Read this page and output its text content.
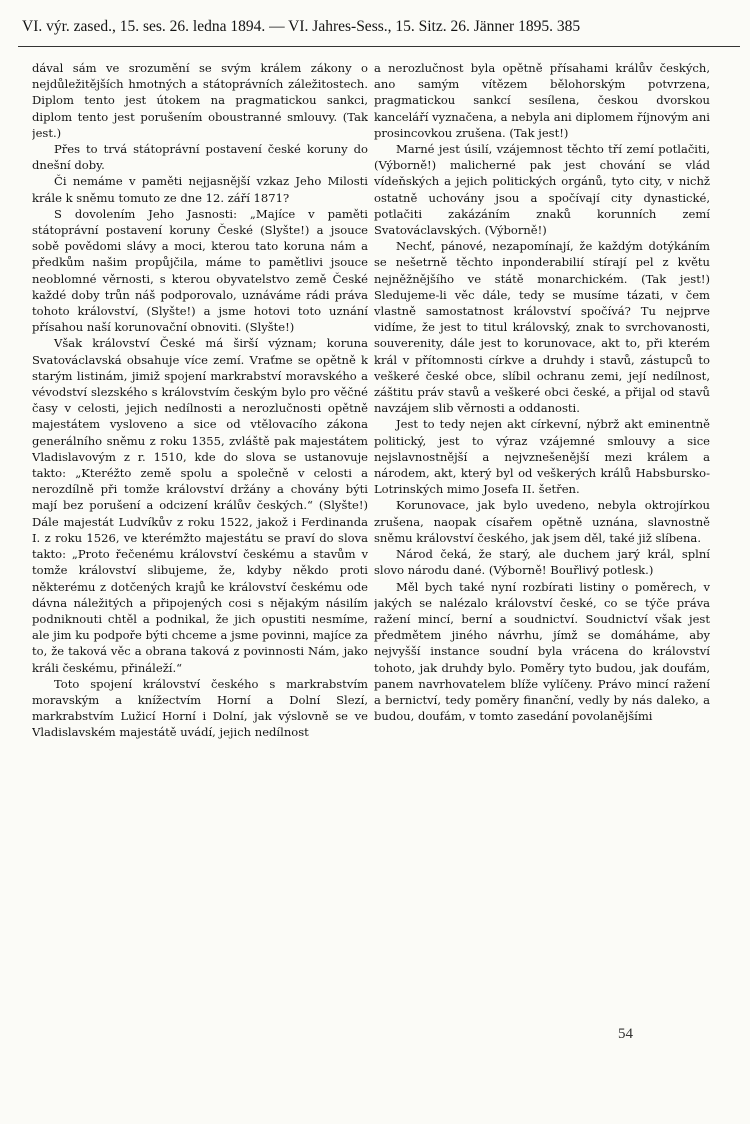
VI. výr. zased., 15. ses. 26. ledna 1894. — VI. Jahres-Sess., 15. Sitz. 26. Jänner 1895. 385

dával sám ve srozumění se svým králem zákony o nejdůležitějších hmotných a státoprávních záležitostech. Diplom tento jest útokem na pragmatickou sankci, diplom tento jest porušením oboustranné smlouvy. (Tak jest.)

Přes to trvá státoprávní postavení české koruny do dnešní doby.

Či nemáme v paměti nejjasnější vzkaz Jeho Milosti krále k sněmu tomuto ze dne 12. září 1871?

S dovolením Jeho Jasnosti: „Majíce v paměti státoprávní postavení koruny České (Slyšte!) a jsouce sobě povědomi slávy a moci, kterou tato koruna nám a předkům našim propůjčila, máme to pamětlivi jsouce neoblomné věrnosti, s kterou obyvatelstvo země České každé doby trůn náš podporovalo, uznáváme rádi práva tohoto království, (Slyšte!) a jsme hotovi toto uznání přísahou naší korunovační obnoviti. (Slyšte!)

Však království České má širší význam; koruna Svatováclavská obsahuje více zemí. Vraťme se opětně k starým listinám, jimiž spojení markrabství moravského a vévodství slezského s královstvím českým bylo pro věčné časy v celosti, jejich nedílnosti a nerozlučnosti opětně majestátem vysloveno a sice od vtělovacího zákona generálního sněmu z roku 1355, zvláště pak majestátem Vladislavovým z r. 1510, kde do slova se ustanovuje takto: „Kteréžto země spolu a společně v celosti a nerozdílně při tomže království držány a chovány býti mají bez porušení a odcizení králův českých.“ (Slyšte!) Dále majestát Ludvíkův z roku 1522, jakož i Ferdinanda I. z roku 1526, ve kterémžto majestátu se praví do slova takto: „Proto řečenému království českému a stavům v tomže království slibujeme, že, kdyby někdo proti některému z dotčených krajů ke království českému ode dávna náležitých a připojených cosi s nějakým násilím podniknouti chtěl a podnikal, že jich opustiti nesmíme, ale jim ku podpoře býti chceme a jsme povinni, majíce za to, že taková věc a obrana taková z povinnosti Nám, jako králi českému, přináleží.“

Toto spojení království českého s markrabstvím moravským a knížectvím Horní a Dolní Slezí, markrabstvím Lužicí Horní i Dolní, jak výslovně se ve Vladislavském majestátě uvádí, jejich nedílnost

a nerozlučnost byla opětně přísahami králův českých, ano samým vítězem bělohorským potvrzena, pragmatickou sankcí sesílena, českou dvorskou kanceláří vyznačena, a nebyla ani diplomem říjnovým ani prosincovkou zrušena. (Tak jest!)

Marné jest úsilí, vzájemnost těchto tří zemí potlačiti, (Výborně!) malicherné pak jest chování se vlád vídeňských a jejich politických orgánů, tyto city, v nichž ostatně uchovány jsou a spočívají city dynastické, potlačiti zakázáním znaků korunních zemí Svatováclavských. (Výborně!)

Nechť, pánové, nezapomínají, že každým dotýkáním se nešetrně těchto inponderabilií stírají pel z květu nejněžnějšího ve státě monarchickém. (Tak jest!) Sledujeme-li věc dále, tedy se musíme tázati, v čem vlastně samostatnost království spočívá? Tu nejprve vidíme, že jest to titul královský, znak to svrchovanosti, souverenity, dále jest to korunovace, akt to, při kterém král v přítomnosti církve a druhdy i stavů, zástupců to veškeré české obce, slíbil ochranu zemi, její nedílnost, záštitu práv stavů a veškeré obci české, a přijal od stavů navzájem slib věrnosti a oddanosti.

Jest to tedy nejen akt církevní, nýbrž akt eminentně politický, jest to výraz vzájemné smlouvy a sice nejslavnostnější a nejvznešenější mezi králem a národem, akt, který byl od veškerých králů Habsbursko-Lotrinských mimo Josefa II. šetřen.

Korunovace, jak bylo uvedeno, nebyla oktrojírkou zrušena, naopak císařem opětně uznána, slavnostně sněmu království českého, jak jsem děl, také již slíbena.

Národ čeká, že starý, ale duchem jarý král, splní slovo národu dané. (Výborně! Bouřlivý potlesk.)

Měl bych také nyní rozbírati listiny o poměrech, v jakých se nalézalo království české, co se týče práva ražení mincí, berní a soudnictví. Soudnictví však jest předmětem jiného návrhu, jímž se domáháme, aby nejvyšší instance soudní byla vrácena do království tohoto, jak druhdy bylo. Poměry tyto budou, jak doufám, panem navrhovatelem blíže vylíčeny. Právo mincí ražení a bernictví, tedy poměry finanční, vedly by nás daleko, a budou, doufám, v tomto zasedání povolanějšími

54
